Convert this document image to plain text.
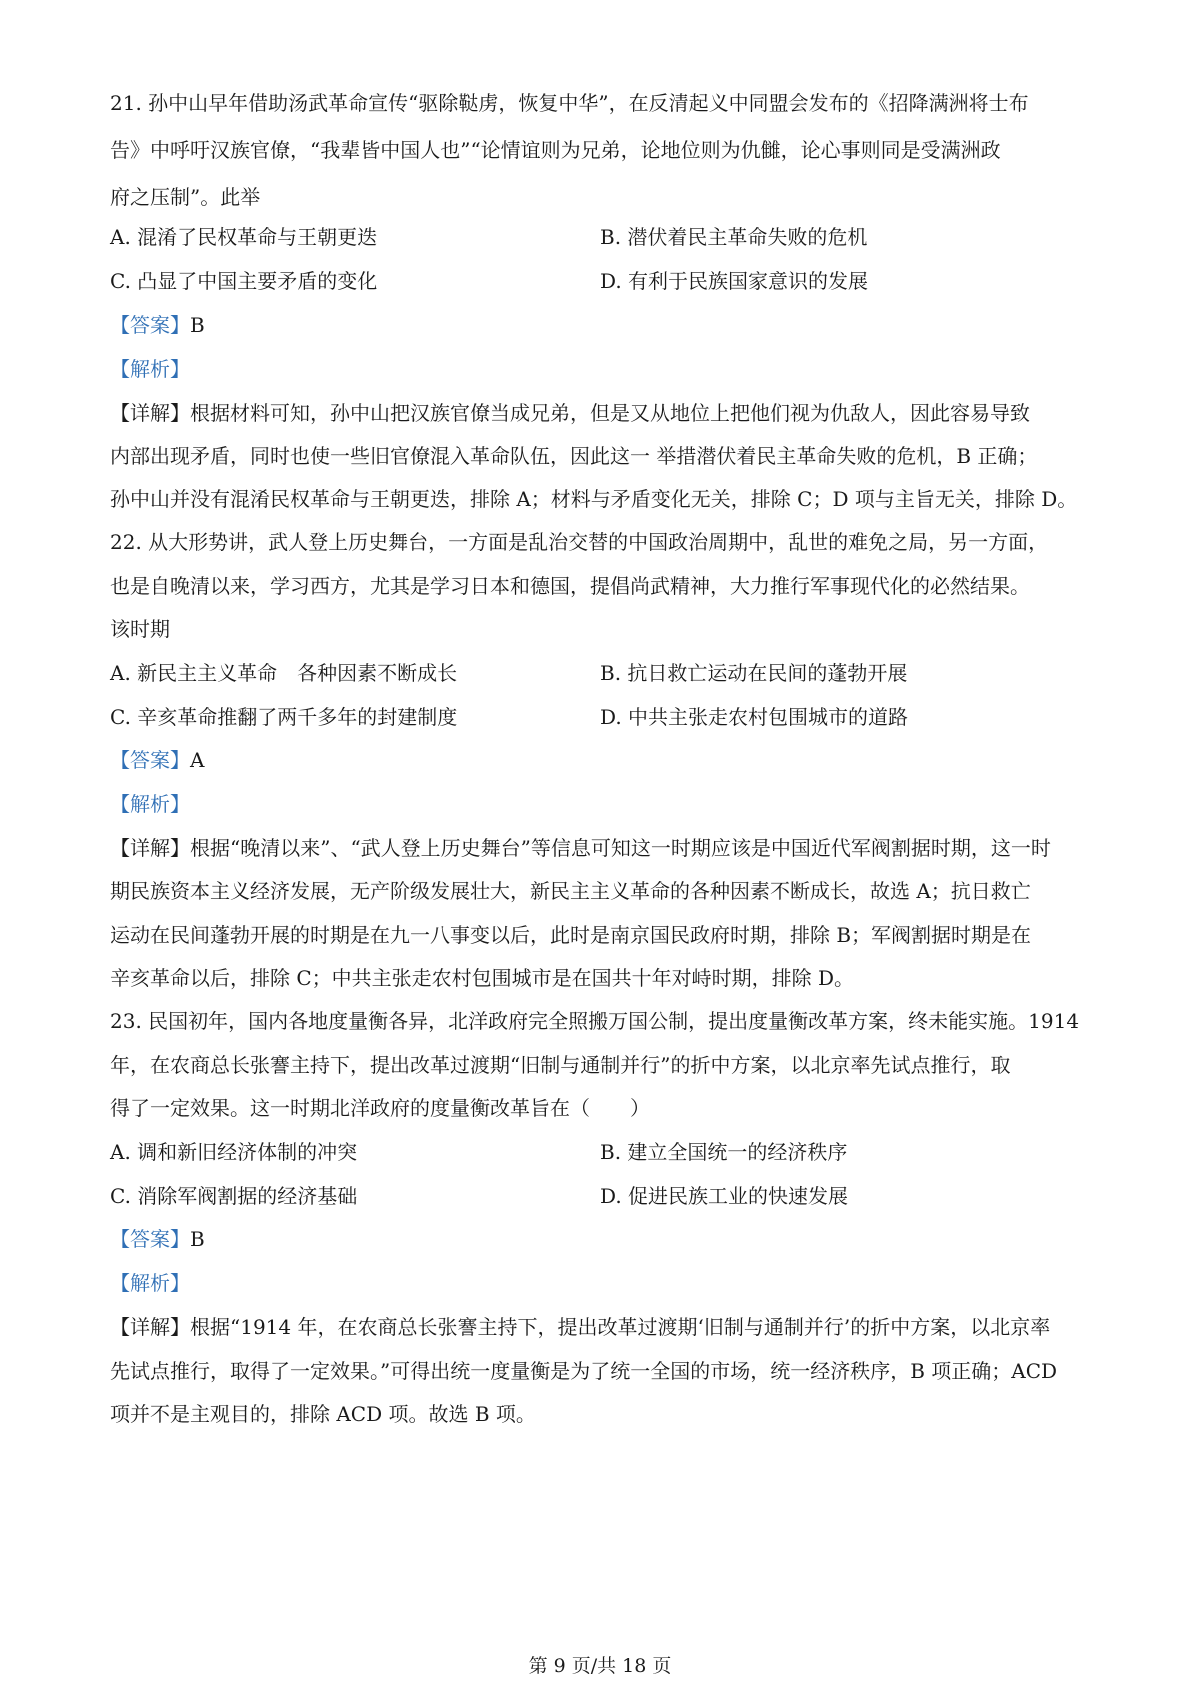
21. 孙中山早年借助汤武革命宣传“驱除鞑虏，恢复中华”，在反清起义中同盟会发布的《招降满洲将士布
告》中呼吁汉族官僚，“我辈皆中国人也”“论情谊则为兄弟，论地位则为仇雠，论心事则同是受满洲政
府之压制”。此举
A. 混淆了民权革命与王朝更迭	B. 潜伏着民主革命失败的危机
C. 凸显了中国主要矛盾的变化	D. 有利于民族国家意识的发展
【答案】B
【解析】
【详解】根据材料可知，孙中山把汉族官僚当成兄弟，但是又从地位上把他们视为仇敌人，因此容易导致
内部出现矛盾，同时也使一些旧官僚混入革命队伍，因此这一 举措潜伏着民主革命失败的危机，B 正确；
孙中山并没有混淆民权革命与王朝更迭，排除 A；材料与矛盾变化无关，排除 C；D 项与主旨无关，排除 D。
22. 从大形势讲，武人登上历史舞台，一方面是乱治交替的中国政治周期中，乱世的难免之局，另一方面，
也是自晚清以来，学习西方，尤其是学习日本和德国，提倡尚武精神，大力推行军事现代化的必然结果。
该时期
A. 新民主主义革命　各种因素不断成长	B. 抗日救亡运动在民间的蓬勃开展
C. 辛亥革命推翻了两千多年的封建制度	D. 中共主张走农村包围城市的道路
【答案】A
【解析】
【详解】根据“晚清以来”、“武人登上历史舞台”等信息可知这一时期应该是中国近代军阀割据时期，这一时
期民族资本主义经济发展，无产阶级发展壮大，新民主主义革命的各种因素不断成长，故选 A；抗日救亡
运动在民间蓬勃开展的时期是在九一八事变以后，此时是南京国民政府时期，排除 B；军阀割据时期是在
辛亥革命以后，排除 C；中共主张走农村包围城市是在国共十年对峙时期，排除 D。
23. 民国初年，国内各地度量衡各异，北洋政府完全照搬万国公制，提出度量衡改革方案，终未能实施。1914
年，在农商总长张謇主持下，提出改革过渡期“旧制与通制并行”的折中方案，以北京率先试点推行，取
得了一定效果。这一时期北洋政府的度量衡改革旨在（　　）
A. 调和新旧经济体制的冲突	B. 建立全国统一的经济秩序
C. 消除军阀割据的经济基础	D. 促进民族工业的快速发展
【答案】B
【解析】
【详解】根据“1914 年，在农商总长张謇主持下，提出改革过渡期‘旧制与通制并行’的折中方案，以北京率
先试点推行，取得了一定效果。”可得出统一度量衡是为了统一全国的市场，统一经济秩序，B 项正确；ACD
项并不是主观目的，排除 ACD 项。故选 B 项。
第 9 页/共 18 页
